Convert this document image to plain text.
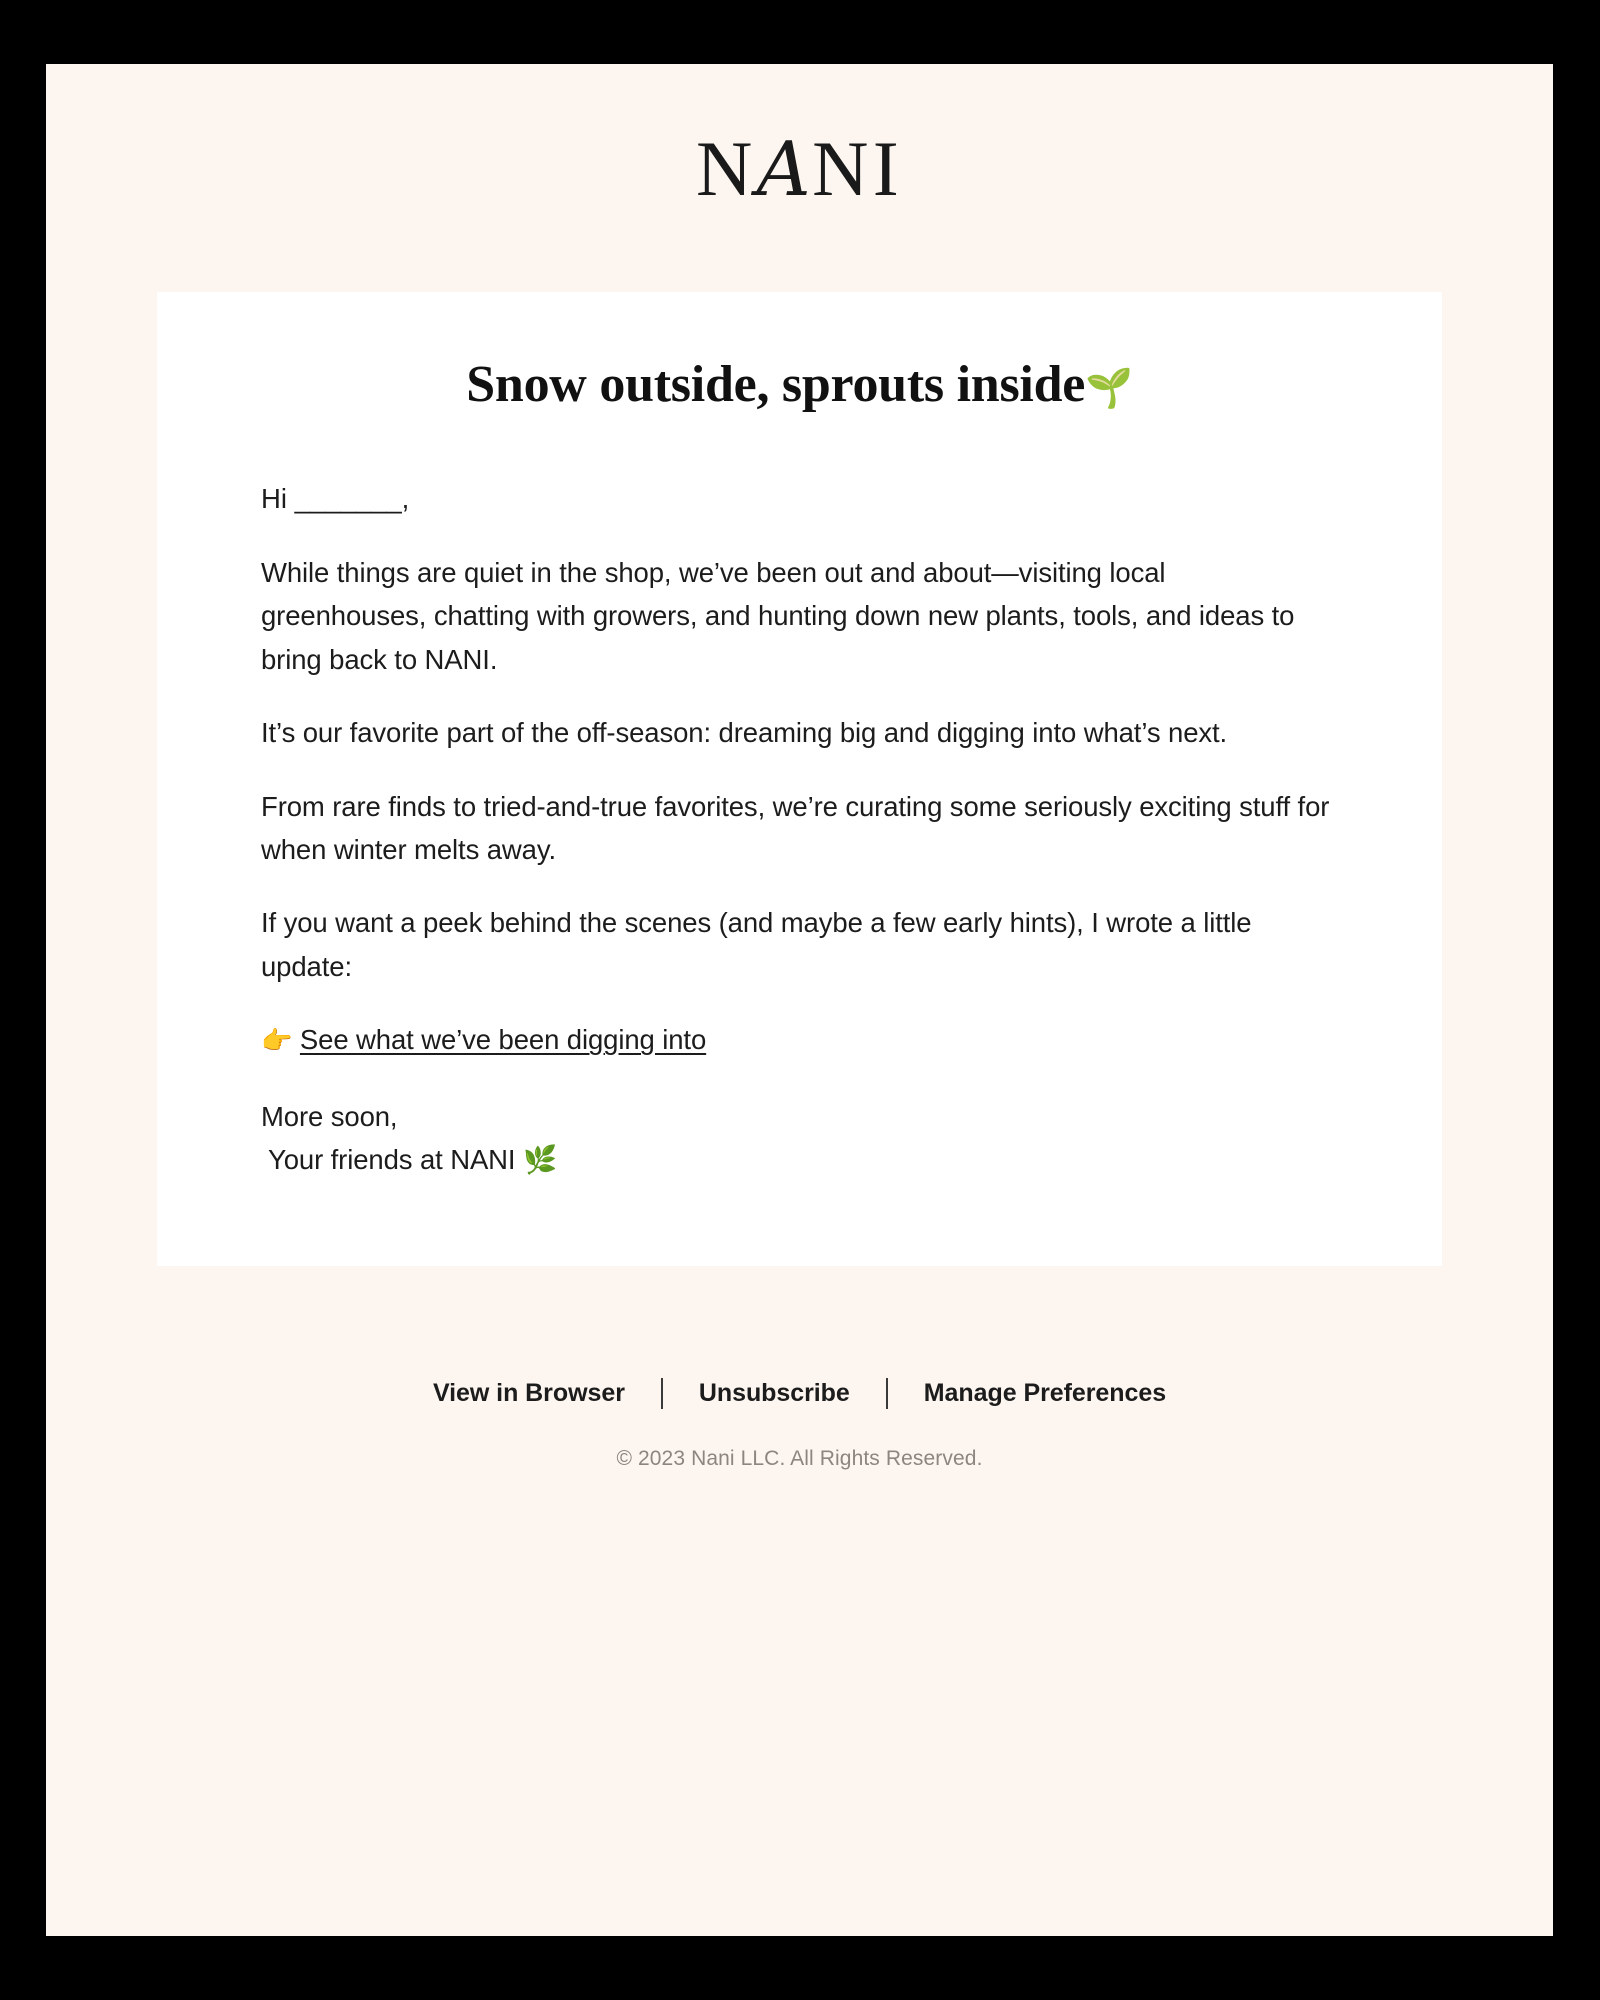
NANI
Snow outside, sprouts inside🌱

Hi _______,

While things are quiet in the shop, we’ve been out and about—visiting local greenhouses, chatting with growers, and hunting down new plants, tools, and ideas to bring back to NANI.

It’s our favorite part of the off-season: dreaming big and digging into what’s next.

From rare finds to tried-and-true favorites, we’re curating some seriously exciting stuff for when winter melts away.

If you want a peek behind the scenes (and maybe a few early hints), I wrote a little update:

👉 See what we’ve been digging into

More soon,
Your friends at NANI 🌿

View in Browser	Unsubscribe	Manage Preferences
© 2023 Nani LLC. All Rights Reserved.
